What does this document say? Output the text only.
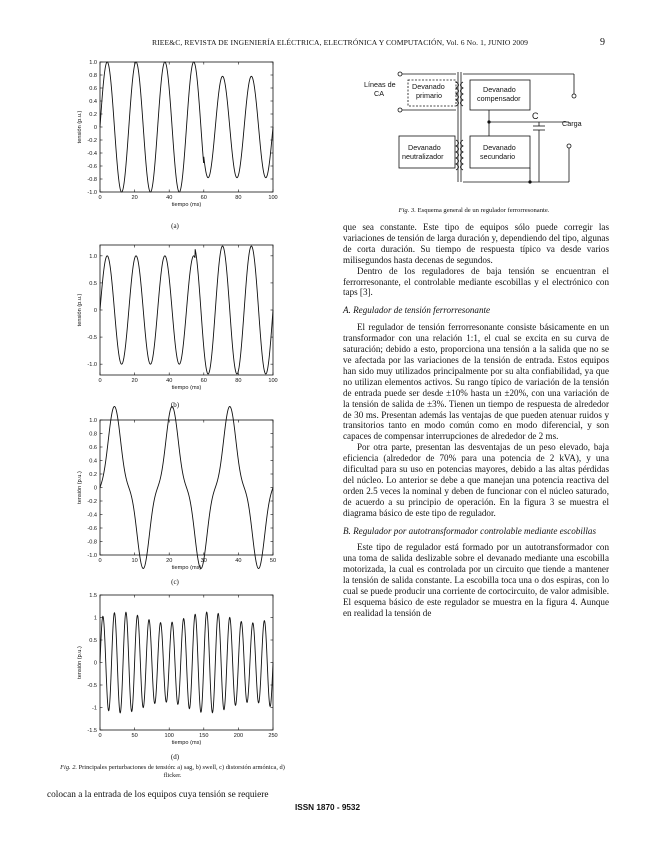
RIEE&C, REVISTA DE INGENIERÍA ELÉCTRICA, ELECTRÓNICA Y COMPUTACIÓN, Vol. 6 No. 1, JUNIO 2009	9
0	20	40	60	80	100
1.0
0.8
0.6
0.4
0.2
0
-0.2
-0.4
-0.6
-0.8
-1.0
tiempo (ms)
tensión (p.u.)
(a)
0	20	40	60	80	100
1.0
0.5
0
-0.5
-1.0
tiempo (ms)
tensión (p.u.)
(b)
0	10	20	30	40	50
1.0
0.8
0.6
0.4
0.2
0
-0.2
-0.4
-0.6
-0.8
-1.0
tiempo (ms)
tensión (p.u.)
(c)
0	50	100	150	200	250
1.5
1
0.5
0
-0.5
-1
-1.5
tiempo (ms)
tensión (p.u.)
(d)
Fig. 2. Principales perturbaciones de tensión: a) sag, b) swell, c) distorsión armónica, d) flicker.
colocan a la entrada de los equipos cuya tensión se requiere
Líneas de
CA
Devanado
primario
Devanado
compensador
Devanado
neutralizador
Devanado
secundario
C
Carga
Fig. 3. Esquema general de un regulador ferrorresonante.

que sea constante. Este tipo de equipos sólo puede corregir las variaciones de tensión de larga duración y, dependiendo del tipo, algunas de corta duración. Su tiempo de respuesta típico va desde varios milisegundos hasta decenas de segundos.

Dentro de los reguladores de baja tensión se encuentran el ferrorresonante, el controlable mediante escobillas y el electrónico con taps [3].

A. Regulador de tensión ferrorresonante

El regulador de tensión ferrorresonante consiste básicamente en un transformador con una relación 1:1, el cual se excita en su curva de saturación; debido a esto, proporciona una tensión a la salida que no se ve afectada por las variaciones de la tensión de entrada. Estos equipos han sido muy utilizados principalmente por su alta confiabilidad, ya que no utilizan elementos activos. Su rango típico de variación de la tensión de entrada puede ser desde ±10% hasta un ±20%, con una variación de la tensión de salida de ±3%. Tienen un tiempo de respuesta de alrededor de 30 ms. Presentan además las ventajas de que pueden atenuar ruidos y transitorios tanto en modo común como en modo diferencial, y son capaces de compensar interrupciones de alrededor de 2 ms.

Por otra parte, presentan las desventajas de un peso elevado, baja eficiencia (alrededor de 70% para una potencia de 2 kVA), y una dificultad para su uso en potencias mayores, debido a las altas pérdidas del núcleo. Lo anterior se debe a que manejan una potencia reactiva del orden 2.5 veces la nominal y deben de funcionar con el núcleo saturado, de acuerdo a su principio de operación. En la figura 3 se muestra el diagrama básico de este tipo de regulador.

B. Regulador por autotransformador controlable mediante escobillas

Este tipo de regulador está formado por un autotransformador con una toma de salida deslizable sobre el devanado mediante una escobilla motorizada, la cual es controlada por un circuito que tiende a mantener la tensión de salida constante. La escobilla toca una o dos espiras, con lo cual se puede producir una corriente de cortocircuito, de valor admisible. El esquema básico de este regulador se muestra en la figura 4. Aunque en realidad la tensión de

ISSN 1870 - 9532
